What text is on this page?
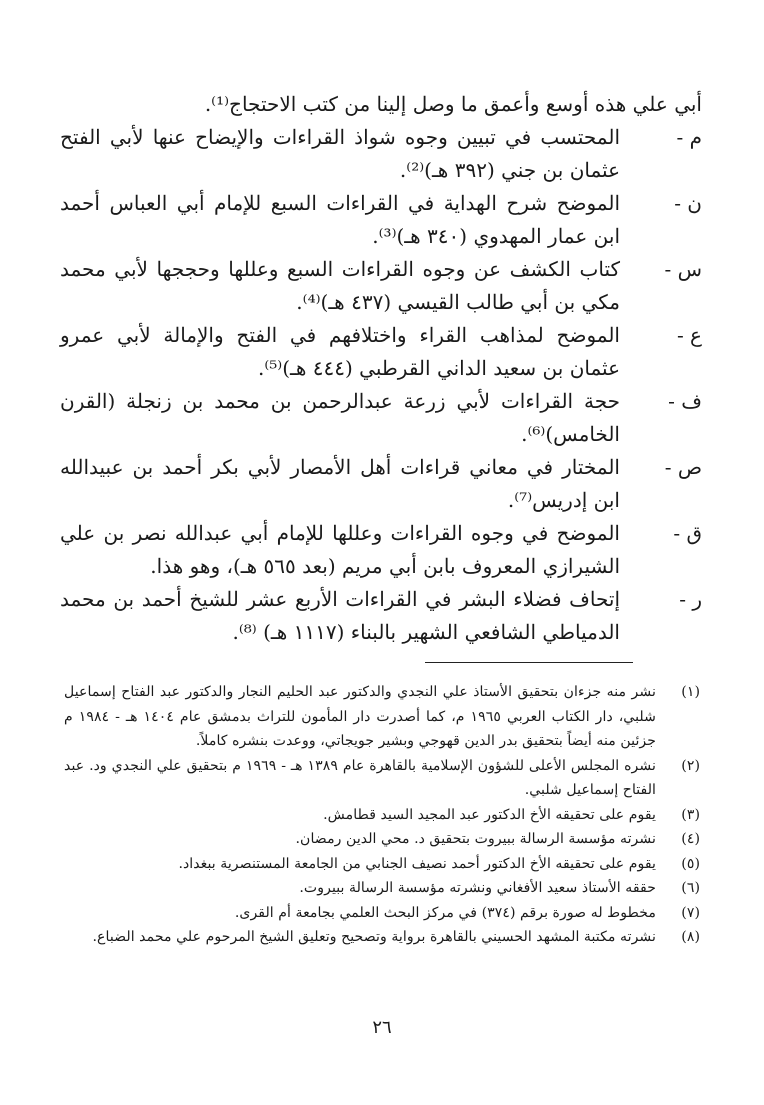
أبي علي هذه أوسع وأعمق ما وصل إلينا من كتب الاحتجاج⁽¹⁾.

م -
المحتسب في تبيين وجوه شواذ القراءات والإيضاح عنها لأبي الفتح عثمان بن جني (٣٩٢ هـ)⁽²⁾.
ن -
الموضح شرح الهداية في القراءات السبع للإمام أبي العباس أحمد ابن عمار المهدوي (٣٤٠ هـ)⁽³⁾.
س -
كتاب الكشف عن وجوه القراءات السبع وعللها وحججها لأبي محمد مكي بن أبي طالب القيسي (٤٣٧ هـ)⁽⁴⁾.
ع -
الموضح لمذاهب القراء واختلافهم في الفتح والإمالة لأبي عمرو عثمان بن سعيد الداني القرطبي (٤٤٤ هـ)⁽⁵⁾.
ف -
حجة القراءات لأبي زرعة عبدالرحمن بن محمد بن زنجلة (القرن الخامس)⁽⁶⁾.
ص -
المختار في معاني قراءات أهل الأمصار لأبي بكر أحمد بن عبيدالله ابن إدريس⁽⁷⁾.
ق -
الموضح في وجوه القراءات وعللها للإمام أبي عبدالله نصر بن علي الشيرازي المعروف بابن أبي مريم (بعد ٥٦٥ هـ)، وهو هذا.
ر -
إتحاف فضلاء البشر في القراءات الأربع عشر للشيخ أحمد بن محمد الدمياطي الشافعي الشهير بالبناء (١١١٧ هـ) ⁽⁸⁾.
(١)
نشر منه جزءان بتحقيق الأستاذ علي النجدي والدكتور عبد الحليم النجار والدكتور عبد الفتاح إسماعيل شلبي، دار الكتاب العربي ١٩٦٥ م، كما أصدرت دار المأمون للتراث بدمشق عام ١٤٠٤ هـ - ١٩٨٤ م جزئين منه أيضاً بتحقيق بدر الدين قهوجي وبشير جويجاتي، ووعدت بنشره كاملاً.
(٢)
نشره المجلس الأعلى للشؤون الإسلامية بالقاهرة عام ١٣٨٩ هـ - ١٩٦٩ م بتحقيق علي النجدي ود. عبد الفتاح إسماعيل شلبي.
(٣)
يقوم على تحقيقه الأخ الدكتور عبد المجيد السيد قطامش.
(٤)
نشرته مؤسسة الرسالة ببيروت بتحقيق د. محي الدين رمضان.
(٥)
يقوم على تحقيقه الأخ الدكتور أحمد نصيف الجنابي من الجامعة المستنصرية ببغداد.
(٦)
حققه الأستاذ سعيد الأفغاني ونشرته مؤسسة الرسالة ببيروت.
(٧)
مخطوط له صورة برقم (٣٧٤) في مركز البحث العلمي بجامعة أم القرى.
(٨)
نشرته مكتبة المشهد الحسيني بالقاهرة برواية وتصحيح وتعليق الشيخ المرحوم علي محمد الضباع.
٢٦
